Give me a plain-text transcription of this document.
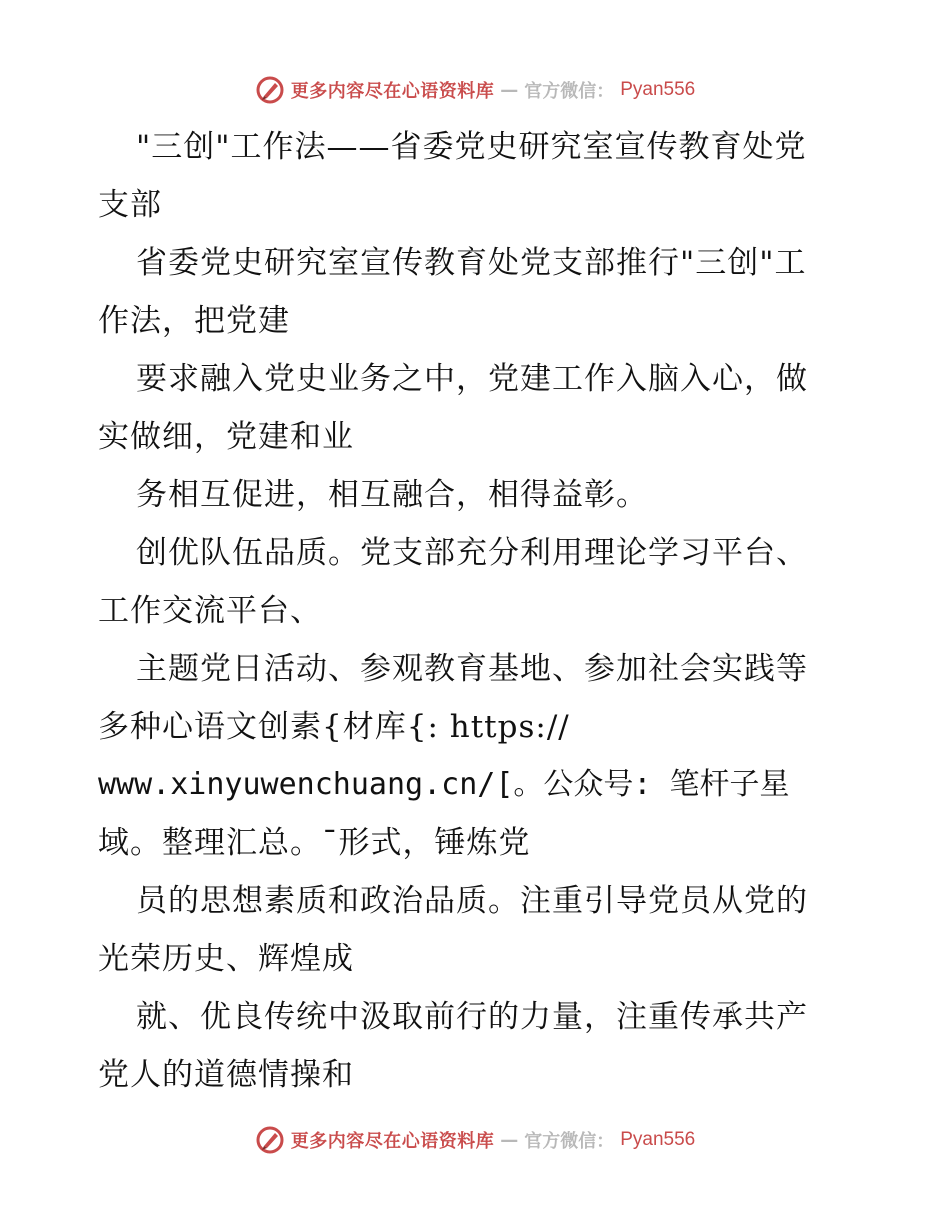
更多内容尽在心语资料库 — 官方微信： Pyan556
"三创"工作法——省委党史研究室宣传教育处党
支部
省委党史研究室宣传教育处党支部推行"三创"工
作法，把党建
要求融入党史业务之中，党建工作入脑入心，做
实做细，党建和业
务相互促进，相互融合，相得益彰。
创优队伍品质。党支部充分利用理论学习平台、
工作交流平台、
主题党日活动、参观教育基地、参加社会实践等
多种心语文创素{材库{: https://
www.xinyuwenchuang.cn/[。公众号: 笔杆子星
域。整理汇总。¯形式，锤炼党
员的思想素质和政治品质。注重引导党员从党的
光荣历史、辉煌成
就、优良传统中汲取前行的力量，注重传承共产
党人的道德情操和
更多内容尽在心语资料库 — 官方微信： Pyan556
